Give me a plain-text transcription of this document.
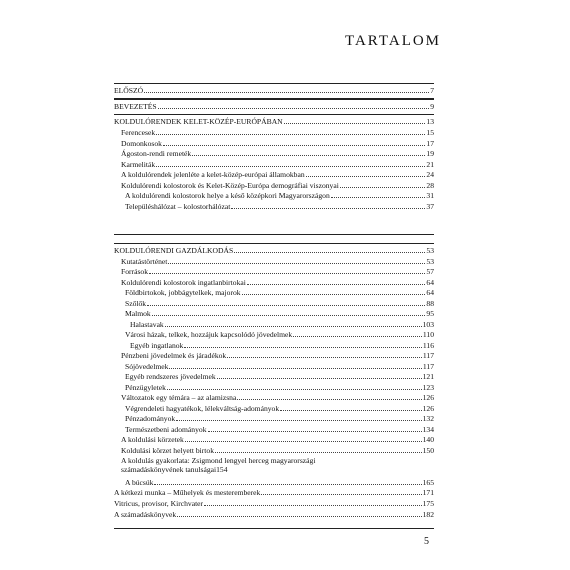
TARTALOM
ELŐSZÓ	7
BEVEZETÉS	9
KOLDULÓRENDEK KELET-KÖZÉP-EURÓPÁBAN	13
Ferencesek	15
Domonkosok	17
Ágoston-rendi remeték	19
Karmeliták	21
A koldulórendek jelenléte a kelet-közép-európai államokban	24
Koldulórendi kolostorok és Kelet-Közép-Európa demográfiai viszonyai	28
A koldulórendi kolostorok helye a késő középkori Magyarországon	31
Településhálózat – kolostorhálózat	37
KOLDULÓRENDI GAZDÁLKODÁS	53
Kutatástörténet	53
Források	57
Koldulórendi kolostorok ingatlanbirtokai	64
Földbirtokok, jobbágytelkek, majorok	64
Szőlők	88
Malmok	95
Halastavak	103
Városi házak, telkek, hozzájuk kapcsolódó jövedelmek	110
Egyéb ingatlanok	116
Pénzbeni jövedelmek és járadékok	117
Sójövedelmek	117
Egyéb rendszeres jövedelmek	121
Pénzügyletek	123
Változatok egy témára – az alamizsna	126
Végrendeleti hagyatékok, lélekváltság-adományok	126
Pénzadományok	132
Természetbeni adományok	134
A koldulási körzetek	140
Koldulási körzet helyett birtok	150
A koldulás gyakorlata: Zsigmond lengyel herceg magyarországi
számadáskönyvének tanulságai 154
A búcsúk	165
A kétkezi munka – Műhelyek és mesteremberek	171
Vitricus, provisor, Kirchvater	175
A számadáskönyvek	182
5
